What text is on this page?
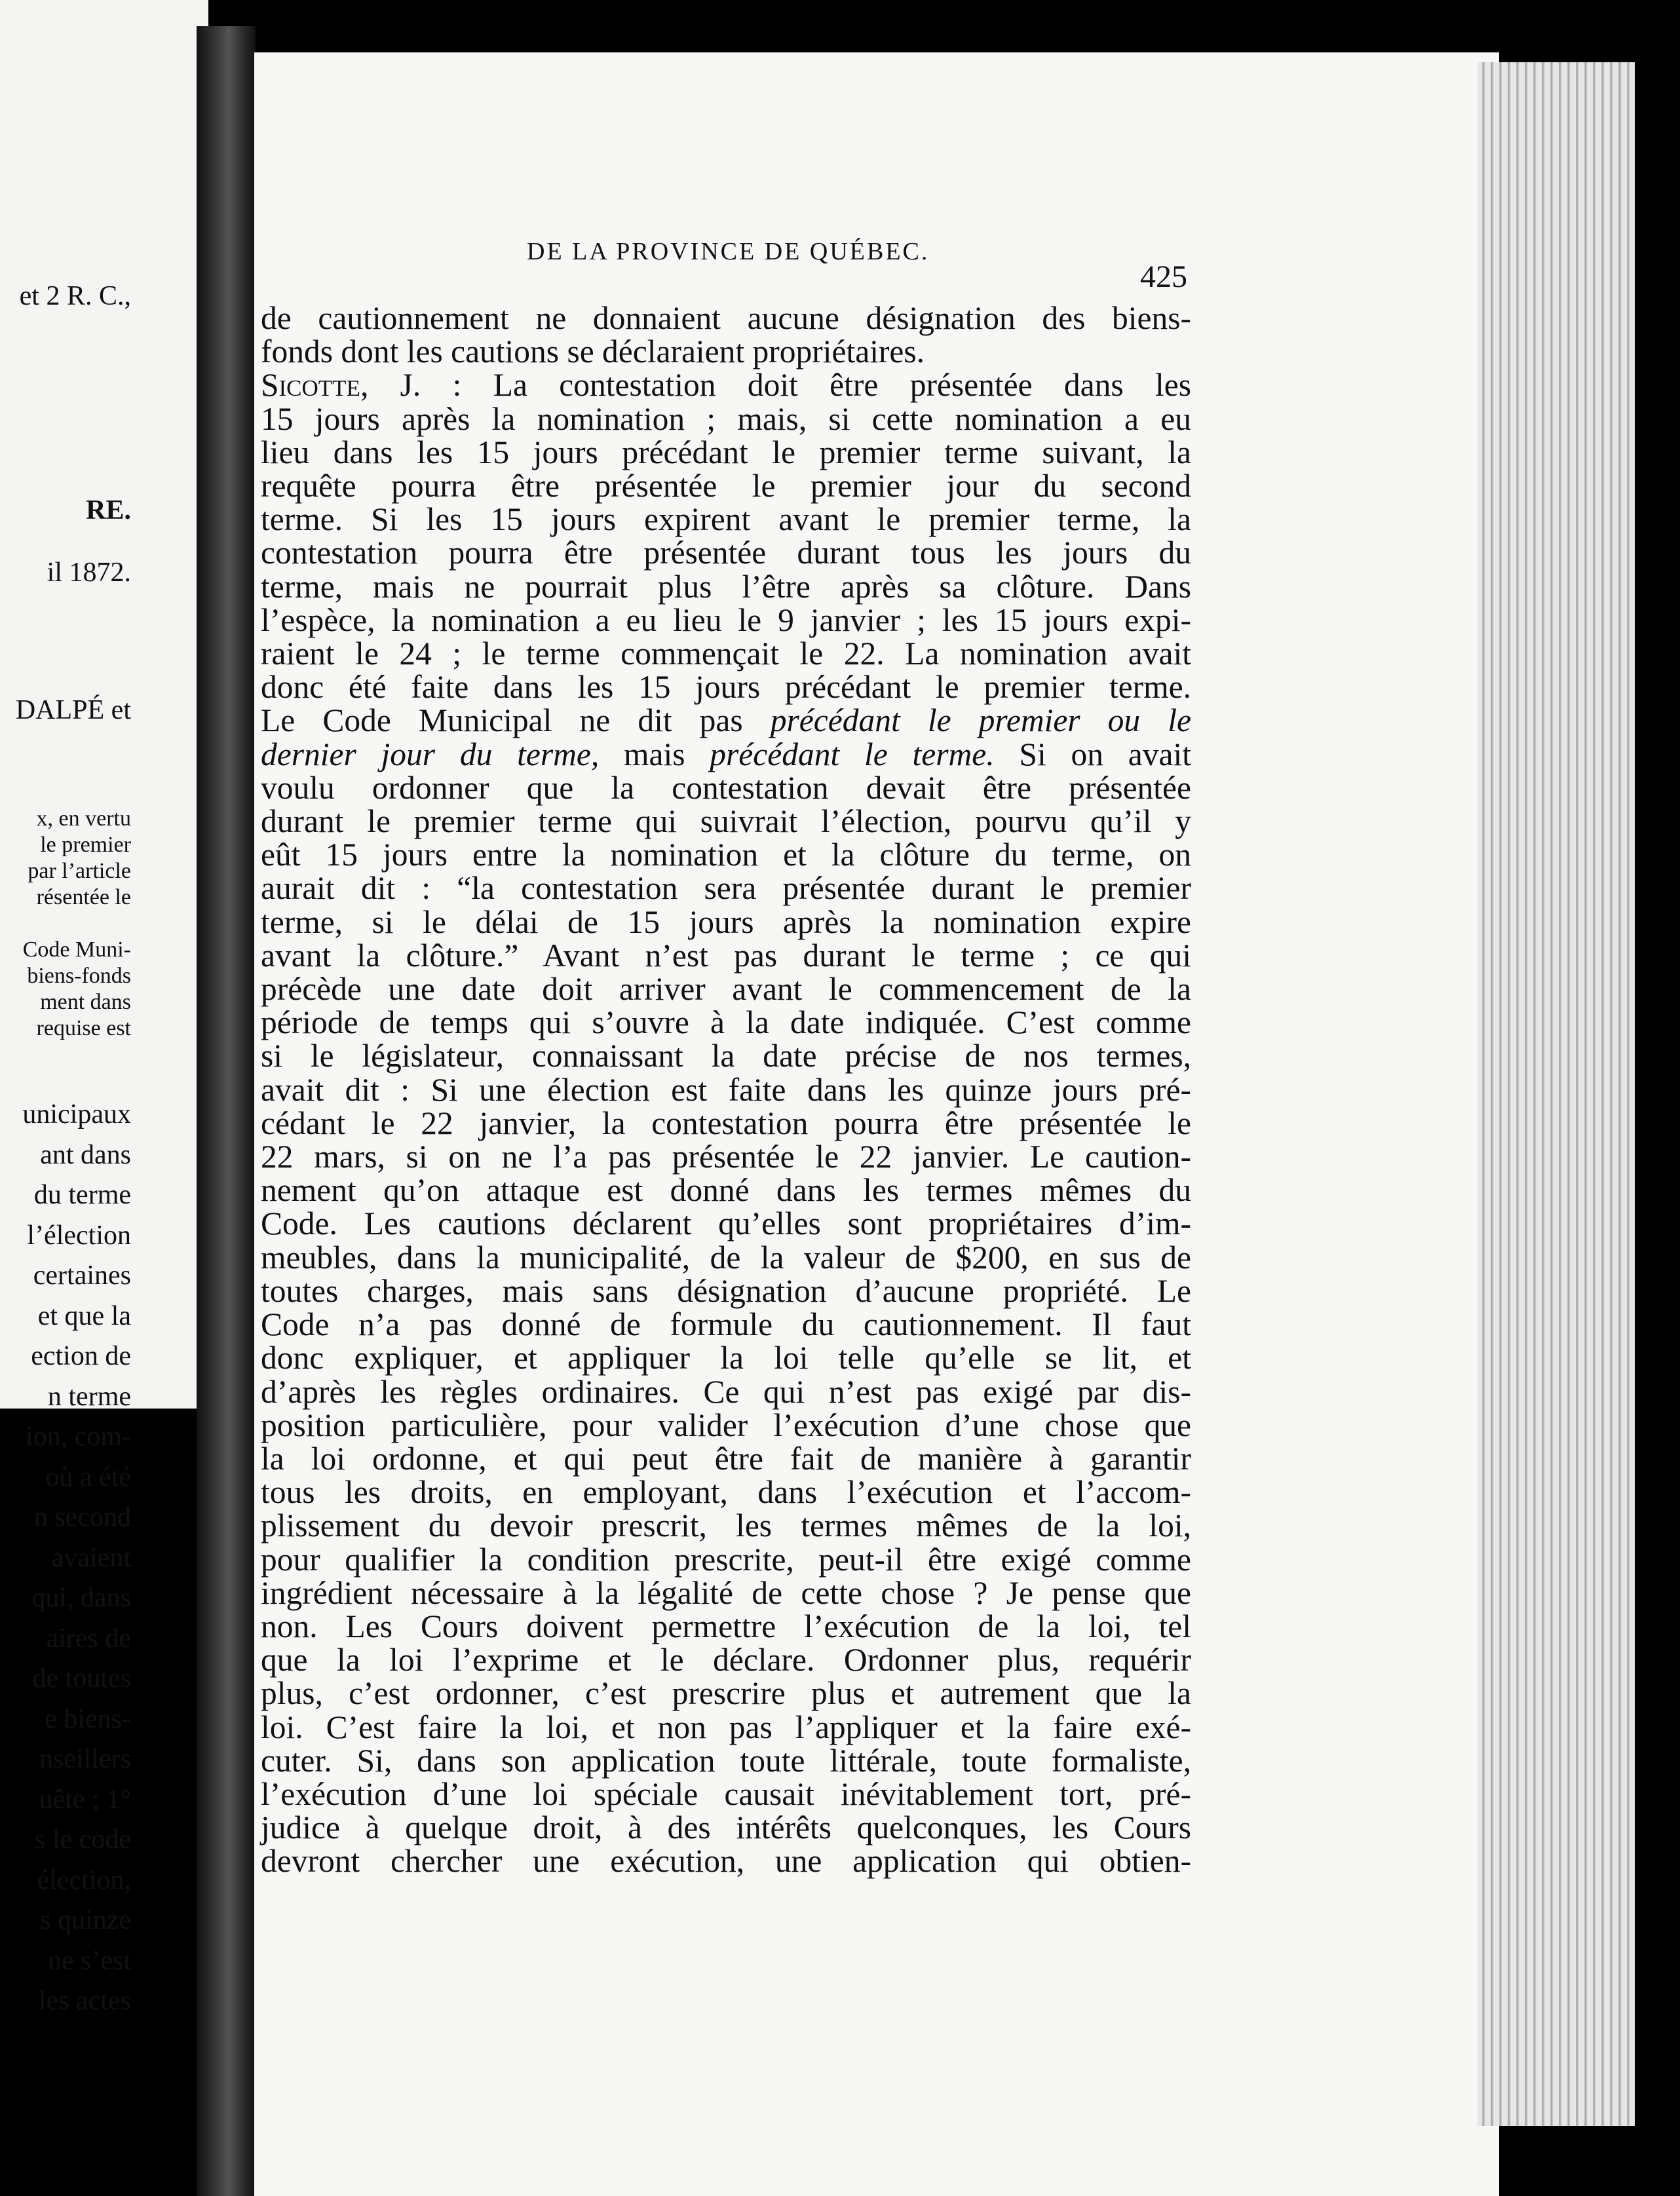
et 2 R. C.,
RE.
il 1872.
DALPÉ et
x, en vertu
le premier
par l’article
résentée le
Code Muni-
biens-fonds
ment dans
requise est
unicipaux
ant dans
du terme
l’élection
certaines
et que la
ection de
n terme
ion, com-
où a été
n second
avaient
qui, dans
aires de
de toutes
e biens-
nseillers
uête ; 1°
s le code
élection,
s quinze
ne s’est
les actes
DE LA PROVINCE DE QUÉBEC.
425
de cautionnement ne donnaient aucune désignation des biens-
fonds dont les cautions se déclaraient propriétaires.
Sicotte, J. : La contestation doit être présentée dans les
15 jours après la nomination ; mais, si cette nomination a eu
lieu dans les 15 jours précédant le premier terme suivant, la
requête pourra être présentée le premier jour du second
terme. Si les 15 jours expirent avant le premier terme, la
contestation pourra être présentée durant tous les jours du
terme, mais ne pourrait plus l’être après sa clôture. Dans
l’espèce, la nomination a eu lieu le 9 janvier ; les 15 jours expi-
raient le 24 ; le terme commençait le 22. La nomination avait
donc été faite dans les 15 jours précédant le premier terme.
Le Code Municipal ne dit pas précédant le premier ou le
dernier jour du terme, mais précédant le terme. Si on avait
voulu ordonner que la contestation devait être présentée
durant le premier terme qui suivrait l’élection, pourvu qu’il y
eût 15 jours entre la nomination et la clôture du terme, on
aurait dit : “la contestation sera présentée durant le premier
terme, si le délai de 15 jours après la nomination expire
avant la clôture.” Avant n’est pas durant le terme ; ce qui
précède une date doit arriver avant le commencement de la
période de temps qui s’ouvre à la date indiquée. C’est comme
si le législateur, connaissant la date précise de nos termes,
avait dit : Si une élection est faite dans les quinze jours pré-
cédant le 22 janvier, la contestation pourra être présentée le
22 mars, si on ne l’a pas présentée le 22 janvier. Le caution-
nement qu’on attaque est donné dans les termes mêmes du
Code. Les cautions déclarent qu’elles sont propriétaires d’im-
meubles, dans la municipalité, de la valeur de $200, en sus de
toutes charges, mais sans désignation d’aucune propriété. Le
Code n’a pas donné de formule du cautionnement. Il faut
donc expliquer, et appliquer la loi telle qu’elle se lit, et
d’après les règles ordinaires. Ce qui n’est pas exigé par dis-
position particulière, pour valider l’exécution d’une chose que
la loi ordonne, et qui peut être fait de manière à garantir
tous les droits, en employant, dans l’exécution et l’accom-
plissement du devoir prescrit, les termes mêmes de la loi,
pour qualifier la condition prescrite, peut-il être exigé comme
ingrédient nécessaire à la légalité de cette chose ? Je pense que
non. Les Cours doivent permettre l’exécution de la loi, tel
que la loi l’exprime et le déclare. Ordonner plus, requérir
plus, c’est ordonner, c’est prescrire plus et autrement que la
loi. C’est faire la loi, et non pas l’appliquer et la faire exé-
cuter. Si, dans son application toute littérale, toute formaliste,
l’exécution d’une loi spéciale causait inévitablement tort, pré-
judice à quelque droit, à des intérêts quelconques, les Cours
devront chercher une exécution, une application qui obtien-
